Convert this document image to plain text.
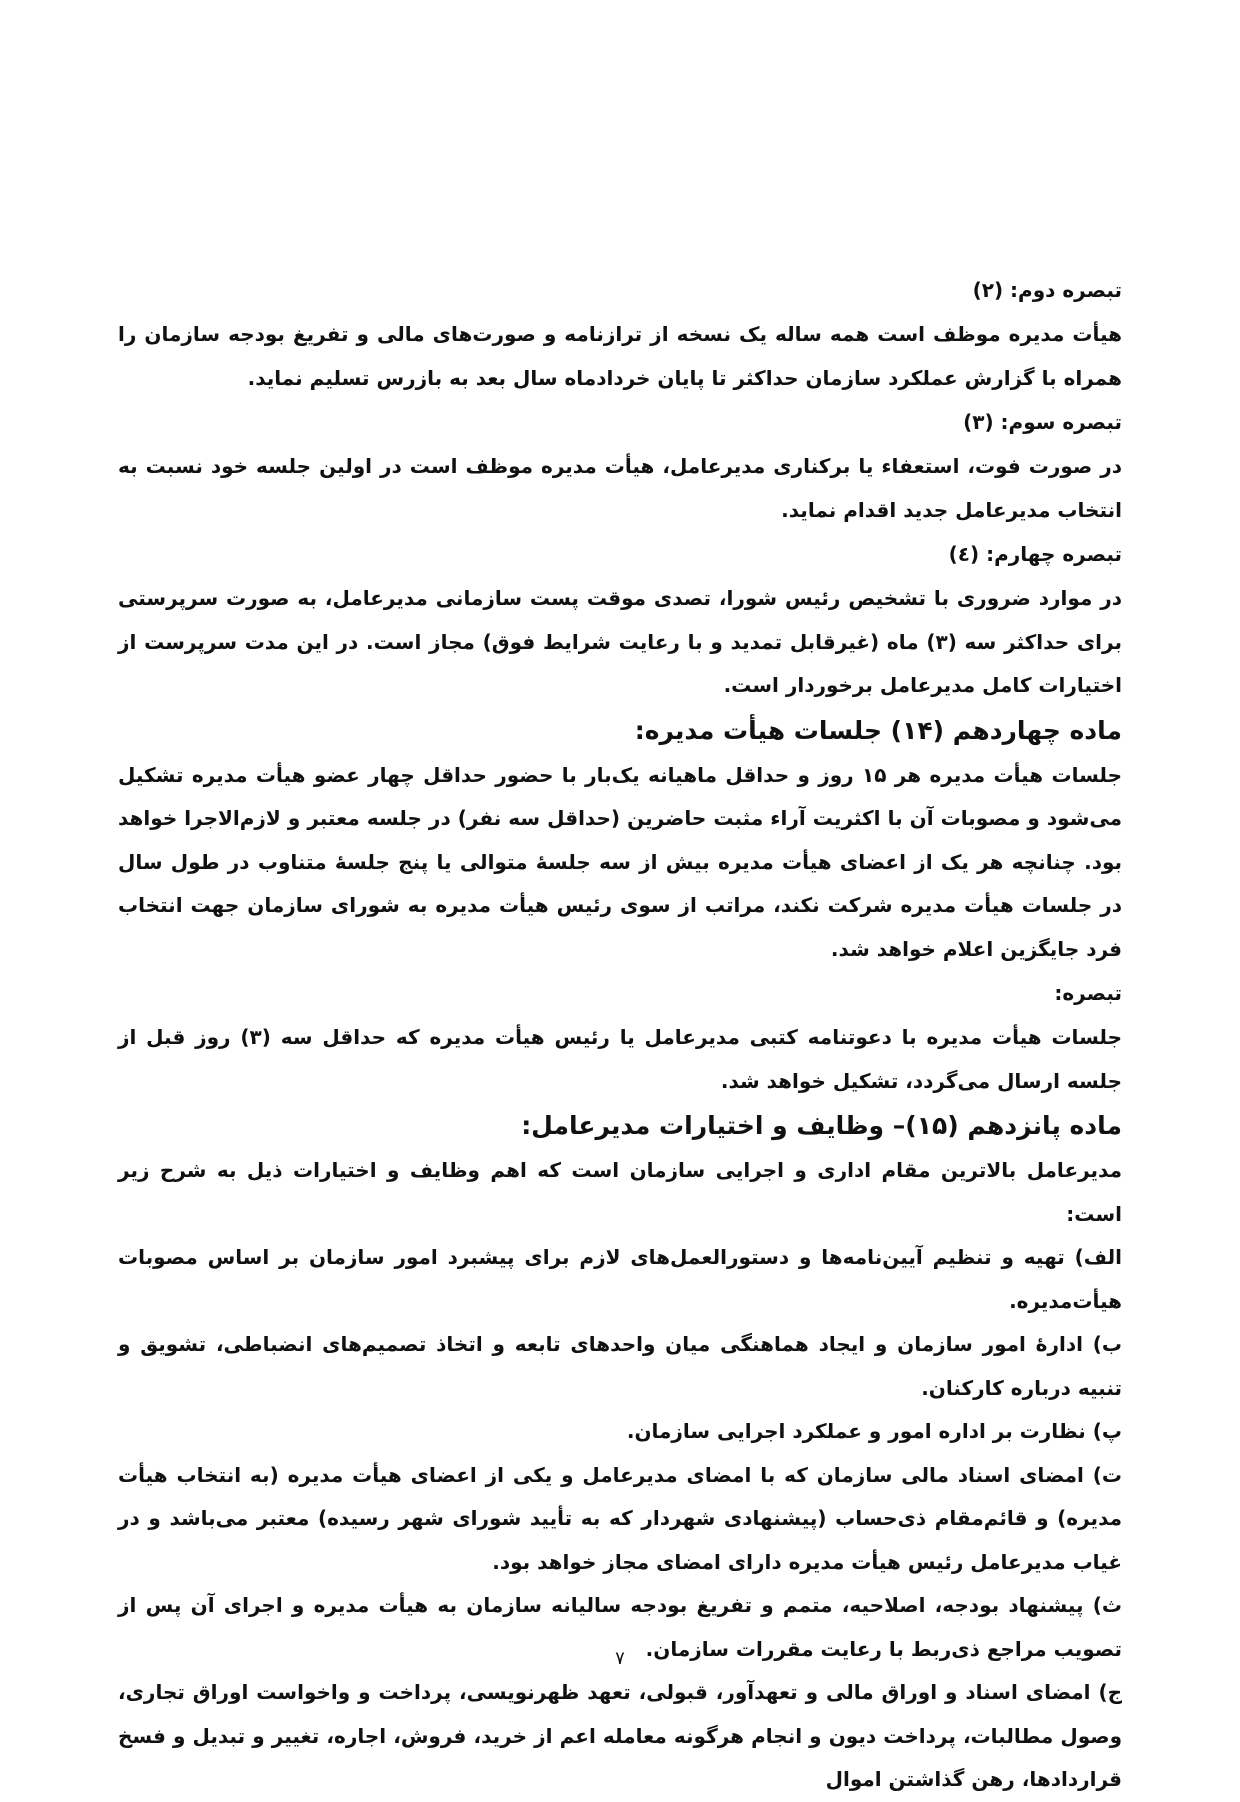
تبصره دوم: (۲)

هیأت مدیره موظف است همه ساله یک نسخه از ترازنامه و صورت‌های مالی و تفریغ بودجه سازمان را همراه با گزارش عملکرد سازمان حداکثر تا پایان خردادماه سال بعد به بازرس تسلیم نماید.

تبصره سوم: (۳)

در صورت فوت، استعفاء یا برکناری مدیرعامل، هیأت مدیره موظف است در اولین جلسه خود نسبت به انتخاب مدیرعامل جدید اقدام نماید.

تبصره چهارم: (٤)

در موارد ضروری با تشخیص رئیس شورا، تصدی موقت پست سازمانی مدیرعامل، به صورت سرپرستی برای حداکثر سه (۳) ماه (غیرقابل تمدید و با رعایت شرایط فوق) مجاز است. در این مدت سرپرست از اختیارات کامل مدیرعامل برخوردار است.

ماده چهاردهم (۱۴) جلسات هیأت مدیره:

جلسات هیأت مدیره هر ۱۵ روز و حداقل ماهیانه یک‌بار با حضور حداقل چهار عضو هیأت مدیره تشکیل می‌شود و مصوبات آن با اکثریت آراء مثبت حاضرین (حداقل سه نفر) در جلسه معتبر و لازم‌الاجرا خواهد بود. چنانچه هر یک از اعضای هیأت مدیره بیش از سه جلسهٔ متوالی یا پنج جلسهٔ متناوب در طول سال در جلسات هیأت مدیره شرکت نکند، مراتب از سوی رئیس هیأت مدیره به شورای سازمان جهت انتخاب فرد جایگزین اعلام خواهد شد.

تبصره:

جلسات هیأت مدیره با دعوتنامه کتبی مدیرعامل یا رئیس هیأت مدیره که حداقل سه (۳) روز قبل از جلسه ارسال می‌گردد، تشکیل خواهد شد.

ماده پانزدهم (۱۵)– وظایف و اختیارات مدیرعامل:

مدیرعامل بالاترین مقام اداری و اجرایی سازمان است که اهم وظایف و اختیارات ذیل به شرح زیر است:

الف) تهیه و تنظیم آیین‌نامه‌ها و دستورالعمل‌های لازم برای پیشبرد امور سازمان بر اساس مصوبات هیأت‌مدیره.

ب) ادارهٔ امور سازمان و ایجاد هماهنگی میان واحدهای تابعه و اتخاذ تصمیم‌های انضباطی، تشویق و تنبیه درباره کارکنان.

پ) نظارت بر اداره امور و عملکرد اجرایی سازمان.

ت) امضای اسناد مالی سازمان که با امضای مدیرعامل و یکی از اعضای هیأت مدیره (به انتخاب هیأت مدیره) و قائم‌مقام ذی‌حساب (پیشنهادی شهردار که به تأیید شورای شهر رسیده) معتبر می‌باشد و در غیاب مدیرعامل رئیس هیأت مدیره دارای امضای مجاز خواهد بود.

ث) پیشنهاد بودجه، اصلاحیه، متمم و تفریغ بودجه سالیانه سازمان به هیأت مدیره و اجرای آن پس از تصویب مراجع ذی‌ربط با رعایت مقررات سازمان.

ج) امضای اسناد و اوراق مالی و تعهدآور، قبولی، تعهد ظهرنویسی، پرداخت و واخواست اوراق تجاری، وصول مطالبات، پرداخت دیون و انجام هرگونه معامله اعم از خرید، فروش، اجاره، تغییر و تبدیل و فسخ قراردادها، رهن گذاشتن اموال

۷
